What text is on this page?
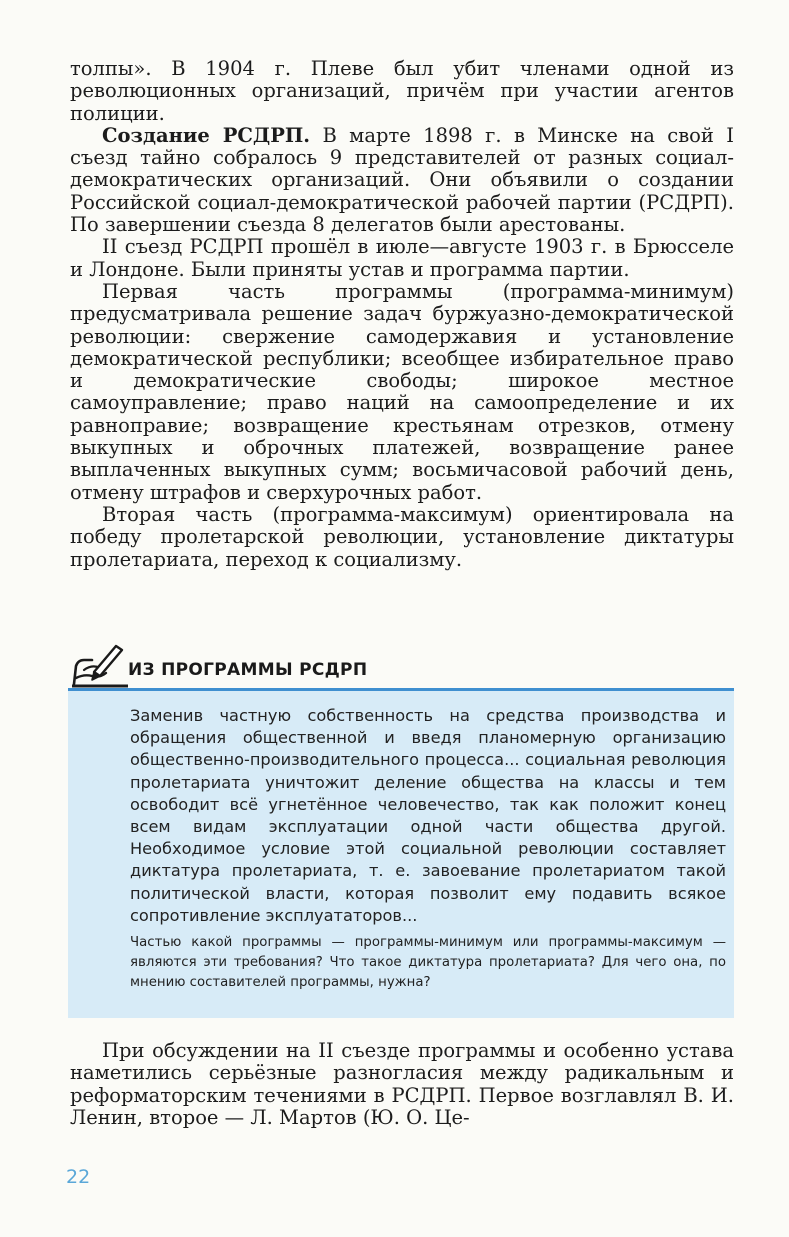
толпы». В 1904 г. Плеве был убит членами одной из революционных организаций, причём при участии агентов полиции.

Создание РСДРП. В марте 1898 г. в Минске на свой I съезд тайно собралось 9 представителей от разных социал-демократических организаций. Они объявили о создании Российской социал-демократической рабочей партии (РСДРП). По завершении съезда 8 делегатов были арестованы.

II съезд РСДРП прошёл в июле—августе 1903 г. в Брюсселе и Лондоне. Были приняты устав и программа партии.

Первая часть программы (программа-минимум) предусматривала решение задач буржуазно-демократической революции: свержение самодержавия и установление демократической республики; всеобщее избирательное право и демократические свободы; широкое местное самоуправление; право наций на самоопределение и их равноправие; возвращение крестьянам отрезков, отмену выкупных и оброчных платежей, возвращение ранее выплаченных выкупных сумм; восьмичасовой рабочий день, отмену штрафов и сверхурочных работ.

Вторая часть (программа-максимум) ориентировала на победу пролетарской революции, установление диктатуры пролетариата, переход к социализму.

ИЗ ПРОГРАММЫ РСДРП
Заменив частную собственность на средства производства и обращения общественной и введя планомерную организацию общественно-производительного процесса... социальная революция пролетариата уничтожит деление общества на классы и тем освободит всё угнетённое человечество, так как положит конец всем видам эксплуатации одной части общества другой. Необходимое условие этой социальной революции составляет диктатура пролетариата, т. е. завоевание пролетариатом такой политической власти, которая позволит ему подавить всякое сопротивление эксплуататоров...
Частью какой программы — программы-минимум или программы-максимум — являются эти требования? Что такое диктатура пролетариата? Для чего она, по мнению составителей программы, нужна?

При обсуждении на II съезде программы и особенно устава наметились серьёзные разногласия между радикальным и реформаторским течениями в РСДРП. Первое возглавлял В. И. Ленин, второе — Л. Мартов (Ю. О. Це-

22
